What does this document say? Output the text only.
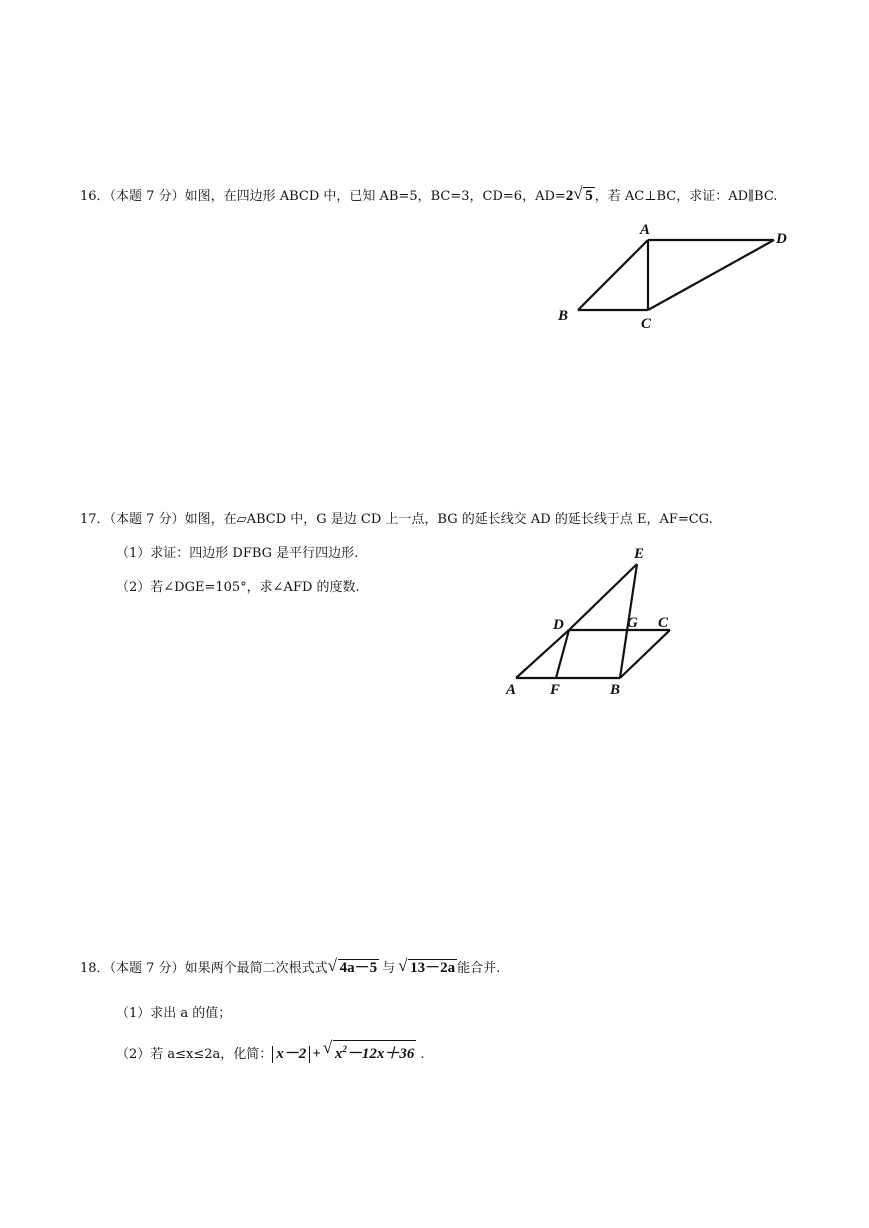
16．（本题 7 分）如图，在四边形 ABCD 中，已知 AB=5，BC=3，CD=6，AD=2 √ 5 ，若 AC⊥BC，求证：AD∥BC.
A
D
B	C
17．（本题 7 分）如图，在▱ABCD 中，G 是边 CD 上一点，BG 的延长线交 AD 的延长线于点 E，AF=CG.
（1）求证：四边形 DFBG 是平行四边形.
（2）若∠DGE=105°，求∠AFD 的度数.
E
D	G C
A F	B
18．（本题 7 分）如果两个最简二次根式式 √ 4a－5 与 √ 13－2a 能合并.
（1）求出 a 的值；
（2）若 a≤x≤2a，化简： x－2 + √ $x^2-12x+36$ .
